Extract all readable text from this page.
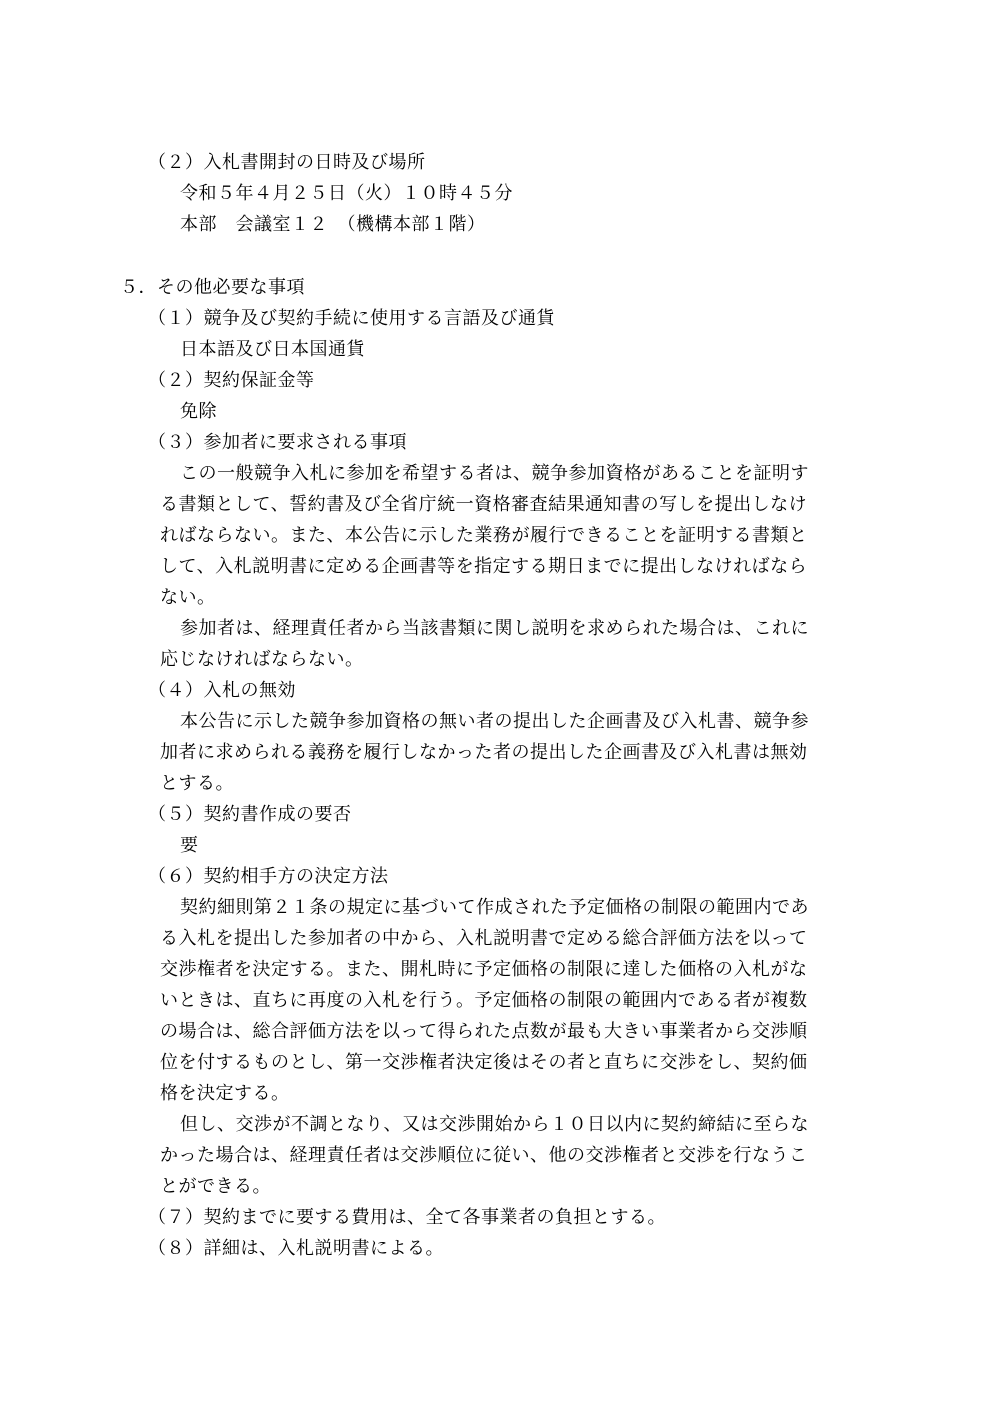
（２）入札書開封の日時及び場所
令和５年４月２５日（火）１０時４５分
本部　会議室１２　（機構本部１階）
５．その他必要な事項
（１）競争及び契約手続に使用する言語及び通貨
日本語及び日本国通貨
（２）契約保証金等
免除
（３）参加者に要求される事項
この一般競争入札に参加を希望する者は、競争参加資格があることを証明す
る書類として、誓約書及び全省庁統一資格審査結果通知書の写しを提出しなけ
ればならない。また、本公告に示した業務が履行できることを証明する書類と
して、入札説明書に定める企画書等を指定する期日までに提出しなければなら
ない。
参加者は、経理責任者から当該書類に関し説明を求められた場合は、これに
応じなければならない。
（４）入札の無効
本公告に示した競争参加資格の無い者の提出した企画書及び入札書、競争参
加者に求められる義務を履行しなかった者の提出した企画書及び入札書は無効
とする。
（５）契約書作成の要否
要
（６）契約相手方の決定方法
契約細則第２１条の規定に基づいて作成された予定価格の制限の範囲内であ
る入札を提出した参加者の中から、入札説明書で定める総合評価方法を以って
交渉権者を決定する。また、開札時に予定価格の制限に達した価格の入札がな
いときは、直ちに再度の入札を行う。予定価格の制限の範囲内である者が複数
の場合は、総合評価方法を以って得られた点数が最も大きい事業者から交渉順
位を付するものとし、第一交渉権者決定後はその者と直ちに交渉をし、契約価
格を決定する。
但し、交渉が不調となり、又は交渉開始から１０日以内に契約締結に至らな
かった場合は、経理責任者は交渉順位に従い、他の交渉権者と交渉を行なうこ
とができる。
（７）契約までに要する費用は、全て各事業者の負担とする。
（８）詳細は、入札説明書による。
